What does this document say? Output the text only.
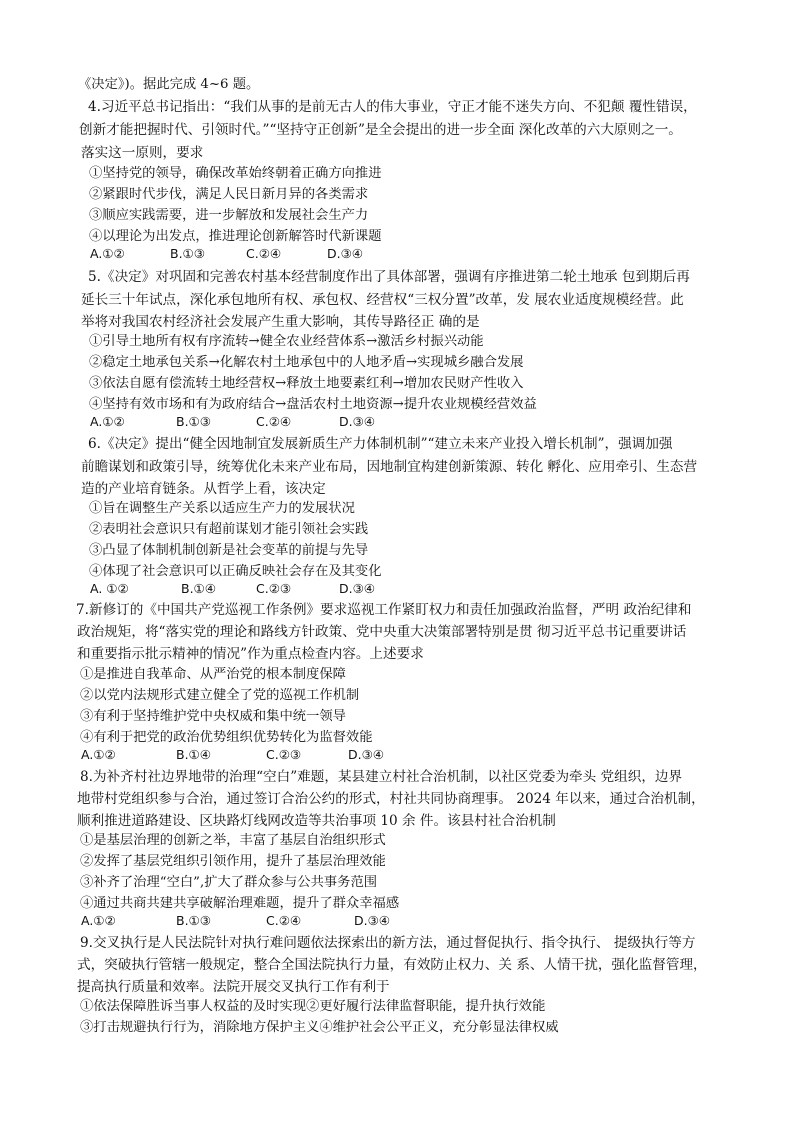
《决定》)。据此完成 4~6 题。
4.习近平总书记指出：“我们从事的是前无古人的伟大事业，守正才能不迷失方向、不犯颠 覆性错误，
创新才能把握时代、引领时代。”“坚持守正创新”是全会提出的进一步全面 深化改革的六大原则之一。
落实这一原则，要求
①坚持党的领导，确保改革始终朝着正确方向推进
②紧跟时代步伐，满足人民日新月异的各类需求
③顺应实践需要，进一步解放和发展社会生产力
④以理论为出发点，推进理论创新解答时代新课题
A.①②	B.①③	C.②④	D.③④
5.《决定》对巩固和完善农村基本经营制度作出了具体部署，强调有序推进第二轮土地承 包到期后再
延长三十年试点，深化承包地所有权、承包权、经营权“三权分置”改革，发 展农业适度规模经营。此
举将对我国农村经济社会发展产生重大影响，其传导路径正 确的是
①引导土地所有权有序流转→健全农业经营体系→激活乡村振兴动能
②稳定土地承包关系→化解农村土地承包中的人地矛盾→实现城乡融合发展
③依法自愿有偿流转土地经营权→释放土地要素红利→增加农民财产性收入
④坚持有效市场和有为政府结合→盘活农村土地资源→提升农业规模经营效益
A.①②	B.①③	C.②④	D.③④
6.《决定》提出“健全因地制宜发展新质生产力体制机制”“建立未来产业投入增长机制”，强调加强
前瞻谋划和政策引导，统筹优化未来产业布局，因地制宜构建创新策源、转化 孵化、应用牵引、生态营
造的产业培育链条。从哲学上看，该决定
①旨在调整生产关系以适应生产力的发展状况
②表明社会意识只有超前谋划才能引领社会实践
③凸显了体制机制创新是社会变革的前提与先导
④体现了社会意识可以正确反映社会存在及其变化
A. ①②	B.①④	C.②③	D.③④
7.新修订的《中国共产党巡视工作条例》要求巡视工作紧盯权力和责任加强政治监督，严明 政治纪律和
政治规矩，将“落实党的理论和路线方针政策、党中央重大决策部署特别是贯 彻习近平总书记重要讲话
和重要指示批示精神的情况”作为重点检查内容。上述要求
①是推进自我革命、从严治党的根本制度保障
②以党内法规形式建立健全了党的巡视工作机制
③有利于坚持维护党中央权威和集中统一领导
④有利于把党的政治优势组织优势转化为监督效能
A.①②	B.①④	C.②③	D.③④
8.为补齐村社边界地带的治理“空白”难题，某县建立村社合治机制，以社区党委为牵头 党组织，边界
地带村党组织参与合治，通过签订合治公约的形式，村社共同协商理事。 2024 年以来，通过合治机制，
顺利推进道路建设、区块路灯线网改造等共治事项 10 余 件。该县村社合治机制
①是基层治理的创新之举，丰富了基层自治组织形式
②发挥了基层党组织引领作用，提升了基层治理效能
③补齐了治理“空白”,扩大了群众参与公共事务范围
④通过共商共建共享破解治理难题，提升了群众幸福感
A.①②	B.①③	C.②④	D.③④
9.交叉执行是人民法院针对执行难问题依法探索出的新方法，通过督促执行、指令执行、 提级执行等方
式，突破执行管辖一般规定，整合全国法院执行力量，有效防止权力、关 系、人情干扰，强化监督管理，
提高执行质量和效率。法院开展交叉执行工作有利于
①依法保障胜诉当事人权益的及时实现②更好履行法律监督职能，提升执行效能
③打击规避执行行为，消除地方保护主义④维护社会公平正义，充分彰显法律权威
